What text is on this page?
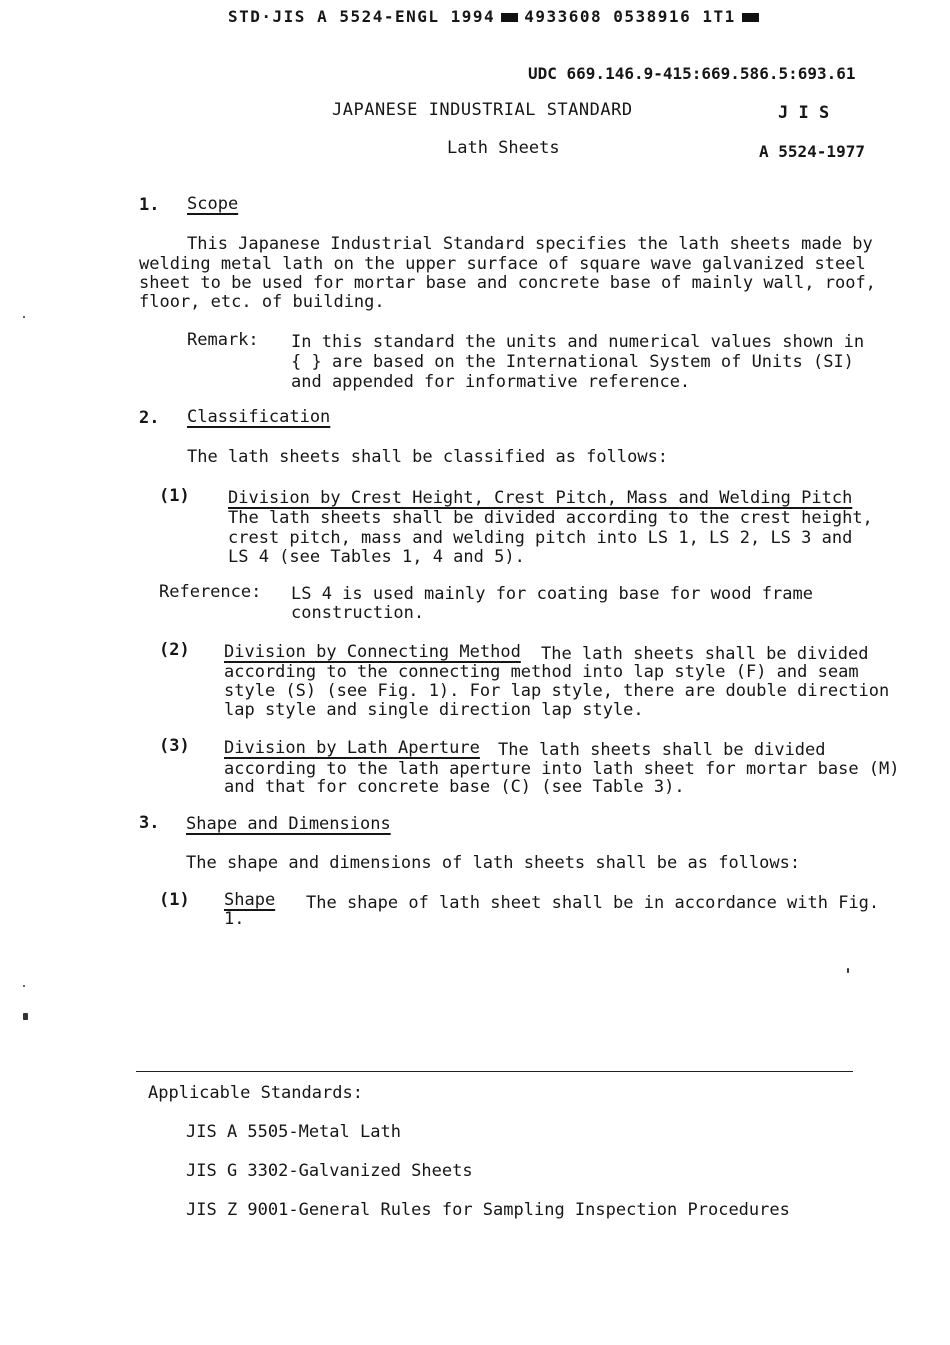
STD·JIS A 5524-ENGL 1994 4933608 0538916 1T1
UDC 669.146.9-415:669.586.5:693.61
JAPANESE INDUSTRIAL STANDARD	J I S
Lath Sheets	A 5524-1977
1. Scope
This Japanese Industrial Standard specifies the lath sheets made by
welding metal lath on the upper surface of square wave galvanized steel
sheet to be used for mortar base and concrete base of mainly wall, roof,
floor, etc. of building.
Remark: In this standard the units and numerical values shown in
{ } are based on the International System of Units (SI)
and appended for informative reference.
2. Classification
The lath sheets shall be classified as follows:
(1) Division by Crest Height, Crest Pitch, Mass and Welding Pitch
The lath sheets shall be divided according to the crest height,
crest pitch, mass and welding pitch into LS 1, LS 2, LS 3 and
LS 4 (see Tables 1, 4 and 5).
Reference: LS 4 is used mainly for coating base for wood frame
construction.
(2) Division by Connecting Method The lath sheets shall be divided
according to the connecting method into lap style (F) and seam
style (S) (see Fig. 1). For lap style, there are double direction
lap style and single direction lap style.
(3) Division by Lath Aperture The lath sheets shall be divided
according to the lath aperture into lath sheet for mortar base (M)
and that for concrete base (C) (see Table 3).
3. Shape and Dimensions
The shape and dimensions of lath sheets shall be as follows:
(1) Shape The shape of lath sheet shall be in accordance with Fig.
1.
Applicable Standards:
JIS A 5505-Metal Lath
JIS G 3302-Galvanized Sheets
JIS Z 9001-General Rules for Sampling Inspection Procedures
